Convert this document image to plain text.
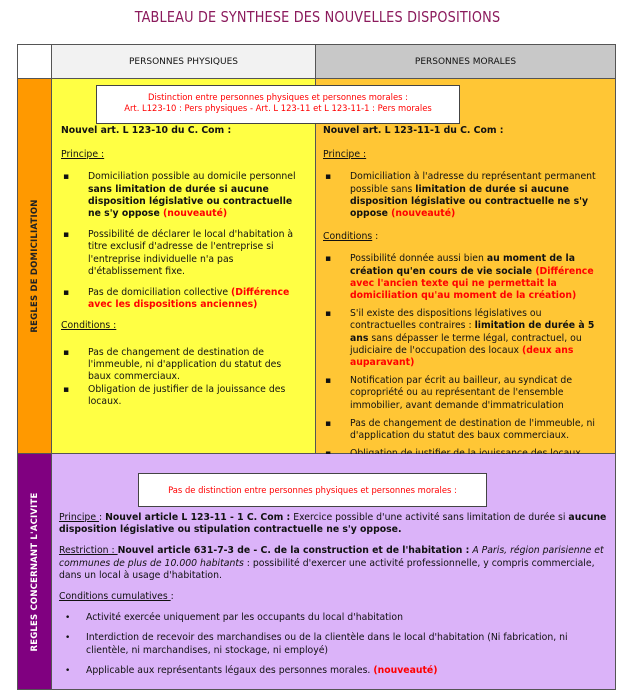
TABLEAU DE SYNTHESE DES NOUVELLES DISPOSITIONS
PERSONNES PHYSIQUES	PERSONNES MORALES
REGLES DE DOMICILIATION
REGLES CONCERNANT L'ACIVITE
Nouvel art. L 123-10 du C. Com :
Principe :
▪ Domiciliation possible au domicile personnel sans limitation de durée si aucune disposition législative ou contractuelle ne s'y oppose (nouveauté)
▪ Possibilité de déclarer le local d'habitation à titre exclusif d'adresse de l'entreprise si l'entreprise individuelle n'a pas d'établissement fixe.
▪ Pas de domiciliation collective (Différence avec les dispositions anciennes)
Conditions :
▪ Pas de changement de destination de l'immeuble, ni d'application du statut des baux commerciaux.
▪ Obligation de justifier de la jouissance des locaux.
Nouvel art. L 123-11-1 du C. Com :
Principe :
▪ Domiciliation à l'adresse du représentant permanent possible sans limitation de durée si aucune disposition législative ou contractuelle ne s'y oppose (nouveauté)
Conditions :
▪ Possibilité donnée aussi bien au moment de la création qu'en cours de vie sociale (Différence avec l'ancien texte qui ne permettait la domiciliation qu'au moment de la création)
▪ S'il existe des dispositions législatives ou contractuelles contraires : limitation de durée à 5 ans sans dépasser le terme légal, contractuel, ou judiciaire de l'occupation des locaux (deux ans auparavant)
▪ Notification par écrit au bailleur, au syndicat de copropriété ou au représentant de l'ensemble immobilier, avant demande d'immatriculation
▪ Pas de changement de destination de l'immeuble, ni d'application du statut des baux commerciaux.
▪
Distinction entre personnes physiques et personnes morales :
Art. L123-10 : Pers physiques - Art. L 123-11 et L 123-11-1 : Pers morales
Pas de distinction entre personnes physiques et personnes morales :

Principe : Nouvel article L 123-11 - 1 C. Com : Exercice possible d'une activité sans limitation de durée si aucune disposition législative ou stipulation contractuelle ne s'y oppose.

Restriction : Nouvel article 631-7-3 de - C. de la construction et de l'habitation : A Paris, région parisienne et communes de plus de 10.000 habitants : possibilité d'exercer une activité professionnelle, y compris commerciale, dans un local à usage d'habitation.

Conditions cumulatives :

• Activité exercée uniquement par les occupants du local d'habitation
• Interdiction de recevoir des marchandises ou de la clientèle dans le local d'habitation (Ni fabrication, ni clientèle, ni marchandises, ni stockage, ni employé)
• Applicable aux représentants légaux des personnes morales. (nouveauté)
